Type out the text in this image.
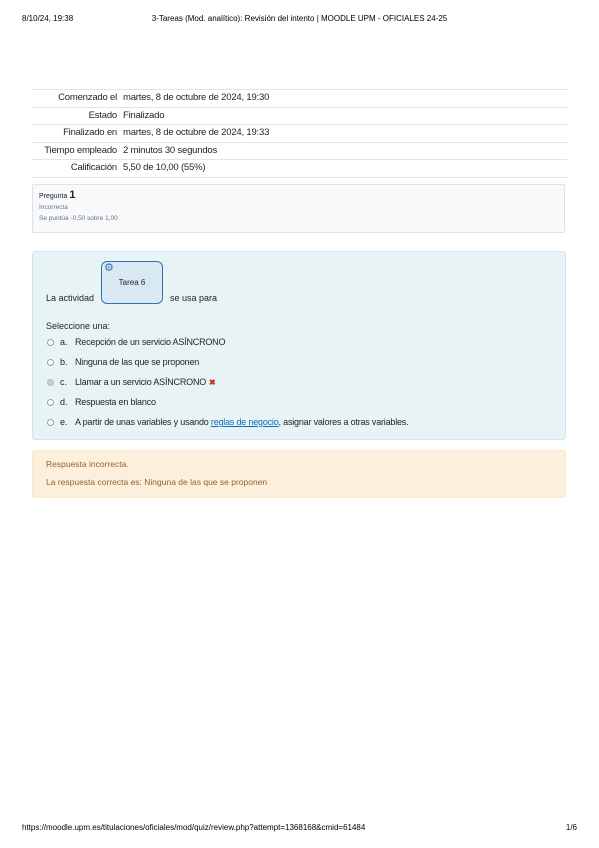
8/10/24, 19:38	3-Tareas (Mod. analítico): Revisión del intento | MOODLE UPM - OFICIALES 24-25
Comenzado el	martes, 8 de octubre de 2024, 19:30
Estado	Finalizado
Finalizado en	martes, 8 de octubre de 2024, 19:33
Tiempo empleado	2 minutos 30 segundos
Calificación	5,50 de 10,00 (55%)
Pregunta 1
Incorrecta
Se puntúa -0,50 sobre 1,00
La actividad	se usa para
⚙
Tarea 6
Seleccione una:
a. Recepción de un servicio ASÍNCRONO
b. Ninguna de las que se proponen
c. Llamar a un servicio ASÍNCRONO ✖
d. Respuesta en blanco
e. A partir de unas variables y usando reglas de negocio, asignar valores a otras variables.
Respuesta incorrecta.
La respuesta correcta es: Ninguna de las que se proponen
https://moodle.upm.es/titulaciones/oficiales/mod/quiz/review.php?attempt=1368168&cmid=61484	1/6
